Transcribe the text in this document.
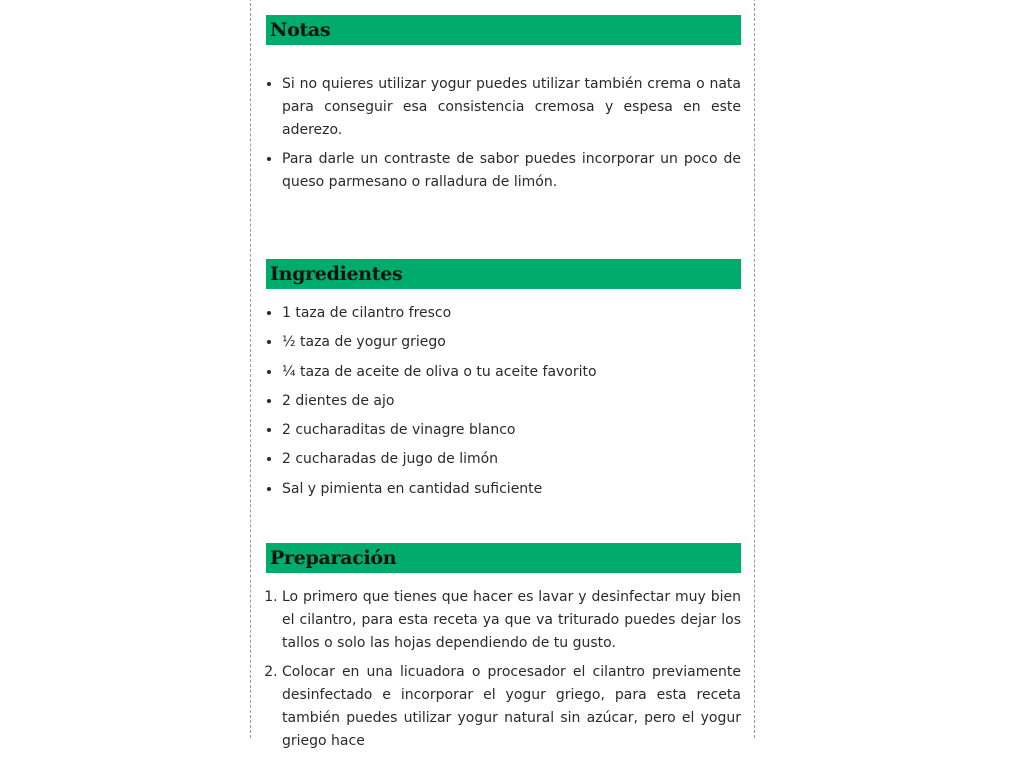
Notas
• Si no quieres utilizar yogur puedes utilizar también crema o nata para conseguir esa consistencia cremosa y espesa en este aderezo.
• Para darle un contraste de sabor puedes incorporar un poco de queso parmesano o ralladura de limón.
Ingredientes
• 1 taza de cilantro fresco
• ½ taza de yogur griego
• ¼ taza de aceite de oliva o tu aceite favorito
• 2 dientes de ajo
• 2 cucharaditas de vinagre blanco
• 2 cucharadas de jugo de limón
• Sal y pimienta en cantidad suficiente
Preparación
1. Lo primero que tienes que hacer es lavar y desinfectar muy bien el cilantro, para esta receta ya que va triturado puedes dejar los tallos o solo las hojas dependiendo de tu gusto.
2. Colocar en una licuadora o procesador el cilantro previamente desinfectado e incorporar el yogur griego, para esta receta también puedes utilizar yogur natural sin azúcar, pero el yogur griego hace
